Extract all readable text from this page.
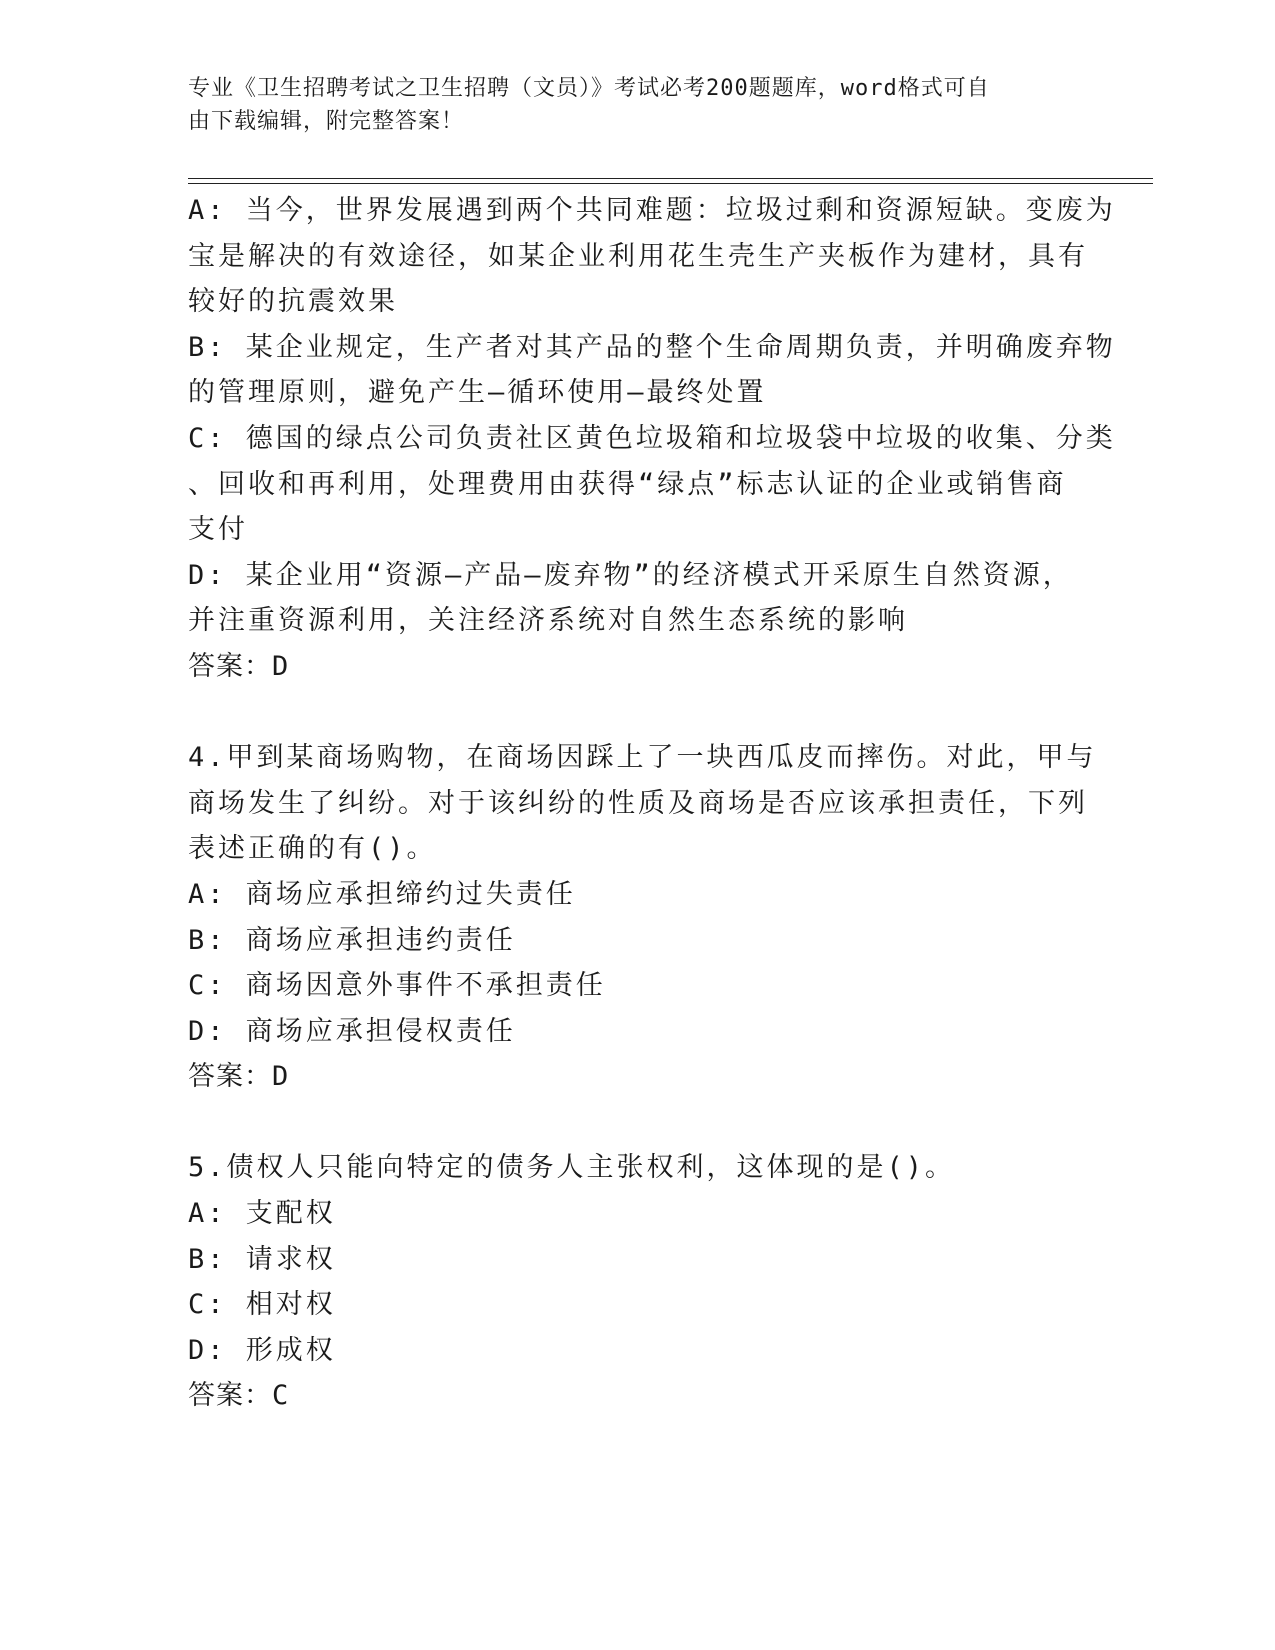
专业《卫生招聘考试之卫生招聘（文员）》考试必考200题题库，word格式可自
由下载编辑，附完整答案！
A: 当今，世界发展遇到两个共同难题：垃圾过剩和资源短缺。变废为
宝是解决的有效途径，如某企业利用花生壳生产夹板作为建材，具有
较好的抗震效果
B: 某企业规定，生产者对其产品的整个生命周期负责，并明确废弃物
的管理原则，避免产生—循环使用—最终处置
C: 德国的绿点公司负责社区黄色垃圾箱和垃圾袋中垃圾的收集、分类
、回收和再利用，处理费用由获得“绿点”标志认证的企业或销售商
支付
D: 某企业用“资源—产品—废弃物”的经济模式开采原生自然资源，
并注重资源利用，关注经济系统对自然生态系统的影响
答案：D
4.甲到某商场购物，在商场因踩上了一块西瓜皮而摔伤。对此，甲与
商场发生了纠纷。对于该纠纷的性质及商场是否应该承担责任，下列
表述正确的有()。
A: 商场应承担缔约过失责任
B: 商场应承担违约责任
C: 商场因意外事件不承担责任
D: 商场应承担侵权责任
答案：D
5.债权人只能向特定的债务人主张权利，这体现的是()。
A: 支配权
B: 请求权
C: 相对权
D: 形成权
答案：C
